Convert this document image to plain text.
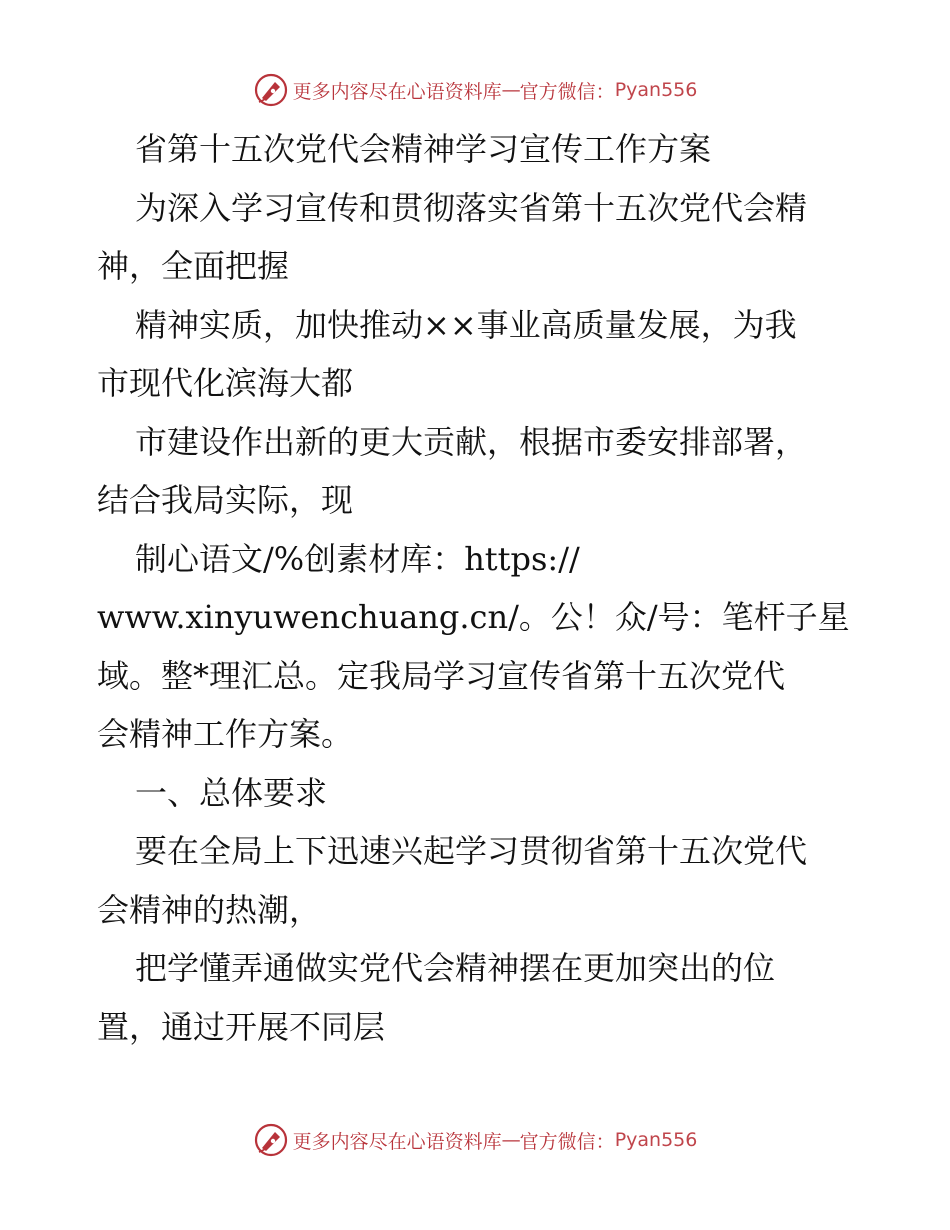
更多内容尽在心语资料库 — 官方微信： Pyan556
省第十五次党代会精神学习宣传工作方案
为深入学习宣传和贯彻落实省第十五次党代会精
神，全面把握
精神实质，加快推动××事业高质量发展，为我
市现代化滨海大都
市建设作出新的更大贡献，根据市委安排部署，
结合我局实际，现
制心语文/%创素材库：https://
www.xinyuwenchuang.cn/。公！众/号：笔杆子星
域。整*理汇总。定我局学习宣传省第十五次党代
会精神工作方案。
一、总体要求
要在全局上下迅速兴起学习贯彻省第十五次党代
会精神的热潮，
把学懂弄通做实党代会精神摆在更加突出的位
置，通过开展不同层
更多内容尽在心语资料库 — 官方微信： Pyan556
